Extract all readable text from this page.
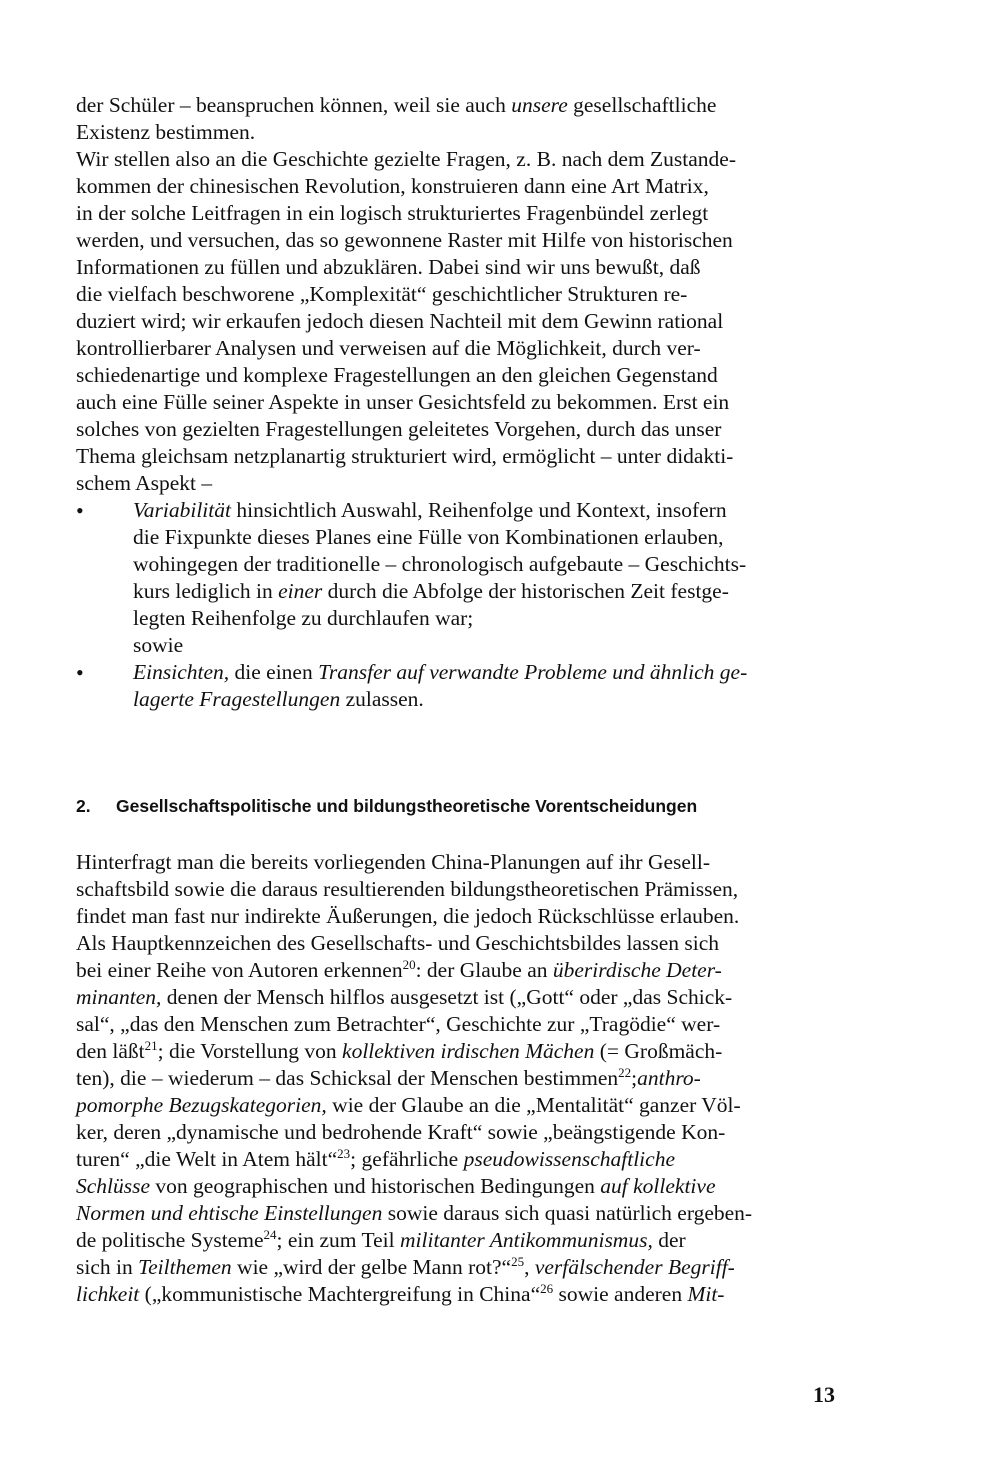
der Schüler – beanspruchen können, weil sie auch unsere gesellschaftliche
Existenz bestimmen.
Wir stellen also an die Geschichte gezielte Fragen, z. B. nach dem Zustande-
kommen der chinesischen Revolution, konstruieren dann eine Art Matrix,
in der solche Leitfragen in ein logisch strukturiertes Fragenbündel zerlegt
werden, und versuchen, das so gewonnene Raster mit Hilfe von historischen
Informationen zu füllen und abzuklären. Dabei sind wir uns bewußt, daß
die vielfach beschworene „Komplexität“ geschichtlicher Strukturen re-
duziert wird; wir erkaufen jedoch diesen Nachteil mit dem Gewinn rational
kontrollierbarer Analysen und verweisen auf die Möglichkeit, durch ver-
schiedenartige und komplexe Fragestellungen an den gleichen Gegenstand
auch eine Fülle seiner Aspekte in unser Gesichtsfeld zu bekommen. Erst ein
solches von gezielten Fragestellungen geleitetes Vorgehen, durch das unser
Thema gleichsam netzplanartig strukturiert wird, ermöglicht – unter didakti-
schem Aspekt –
•	Variabilität hinsichtlich Auswahl, Reihenfolge und Kontext, insofern
die Fixpunkte dieses Planes eine Fülle von Kombinationen erlauben,
wohingegen der traditionelle – chronologisch aufgebaute – Geschichts-
kurs lediglich in einer durch die Abfolge der historischen Zeit festge-
legten Reihenfolge zu durchlaufen war;
sowie
•	Einsichten, die einen Transfer auf verwandte Probleme und ähnlich ge-
lagerte Fragestellungen zulassen.
2. Gesellschaftspolitische und bildungstheoretische Vorentscheidungen
Hinterfragt man die bereits vorliegenden China-Planungen auf ihr Gesell-
schaftsbild sowie die daraus resultierenden bildungstheoretischen Prämissen,
findet man fast nur indirekte Äußerungen, die jedoch Rückschlüsse erlauben.
Als Hauptkennzeichen des Gesellschafts- und Geschichtsbildes lassen sich
bei einer Reihe von Autoren erkennen$^{20}$: der Glaube an überirdische Deter-
minanten, denen der Mensch hilflos ausgesetzt ist („Gott“ oder „das Schick-
sal“, „das den Menschen zum Betrachter“, Geschichte zur „Tragödie“ wer-
den läßt$^{21}$; die Vorstellung von kollektiven irdischen Mächen (= Großmäch-
ten), die – wiederum – das Schicksal der Menschen bestimmen$^{22}$;anthro-
pomorphe Bezugskategorien, wie der Glaube an die „Mentalität“ ganzer Völ-
ker, deren „dynamische und bedrohende Kraft“ sowie „beängstigende Kon-
turen“ „die Welt in Atem hält“$^{23}$; gefährliche pseudowissenschaftliche
Schlüsse von geographischen und historischen Bedingungen auf kollektive
Normen und ehtische Einstellungen sowie daraus sich quasi natürlich ergeben-
de politische Systeme$^{24}$; ein zum Teil militanter Antikommunismus, der
sich in Teilthemen wie „wird der gelbe Mann rot?“$^{25}$, verfälschender Begriff-
lichkeit („kommunistische Machtergreifung in China“$^{26}$ sowie anderen Mit-
13
